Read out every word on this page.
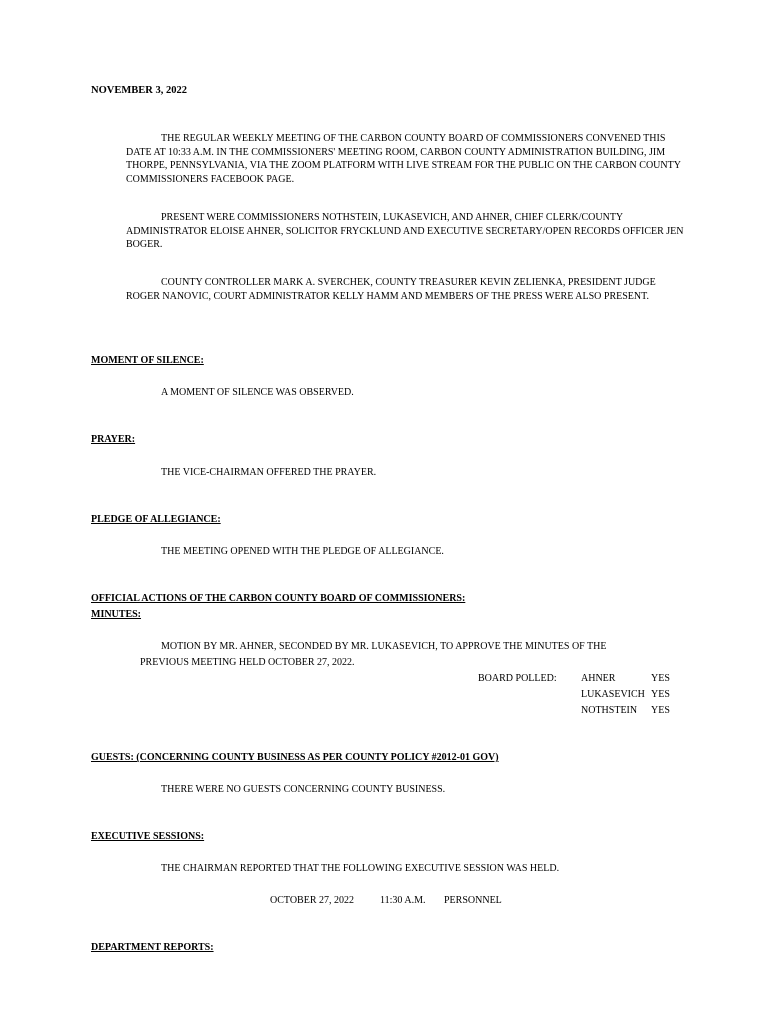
NOVEMBER 3, 2022

THE REGULAR WEEKLY MEETING OF THE CARBON COUNTY BOARD OF COMMISSIONERS CONVENED THIS DATE AT 10:33 A.M. IN THE COMMISSIONERS' MEETING ROOM, CARBON COUNTY ADMINISTRATION BUILDING, JIM THORPE, PENNSYLVANIA, VIA THE ZOOM PLATFORM WITH LIVE STREAM FOR THE PUBLIC ON THE CARBON COUNTY COMMISSIONERS FACEBOOK PAGE.

PRESENT WERE COMMISSIONERS NOTHSTEIN, LUKASEVICH, AND AHNER, CHIEF CLERK/COUNTY ADMINISTRATOR ELOISE AHNER, SOLICITOR FRYCKLUND AND EXECUTIVE SECRETARY/OPEN RECORDS OFFICER JEN BOGER.

COUNTY CONTROLLER MARK A. SVERCHEK, COUNTY TREASURER KEVIN ZELIENKA, PRESIDENT JUDGE ROGER NANOVIC, COURT ADMINISTRATOR KELLY HAMM AND MEMBERS OF THE PRESS WERE ALSO PRESENT.

MOMENT OF SILENCE:

A MOMENT OF SILENCE WAS OBSERVED.

PRAYER:

THE VICE-CHAIRMAN OFFERED THE PRAYER.

PLEDGE OF ALLEGIANCE:

THE MEETING OPENED WITH THE PLEDGE OF ALLEGIANCE.

OFFICIAL ACTIONS OF THE CARBON COUNTY BOARD OF COMMISSIONERS:

MINUTES:

MOTION BY MR. AHNER, SECONDED BY MR. LUKASEVICH, TO APPROVE THE MINUTES OF THE

PREVIOUS MEETING HELD OCTOBER 27, 2022.

BOARD POLLED: AHNER	YES

LUKASEVICH YES

NOTHSTEIN YES

GUESTS: (CONCERNING COUNTY BUSINESS AS PER COUNTY POLICY #2012-01 GOV)

THERE WERE NO GUESTS CONCERNING COUNTY BUSINESS.

EXECUTIVE SESSIONS:

THE CHAIRMAN REPORTED THAT THE FOLLOWING EXECUTIVE SESSION WAS HELD.

OCTOBER 27, 2022	11:30 A.M. PERSONNEL

DEPARTMENT REPORTS:
